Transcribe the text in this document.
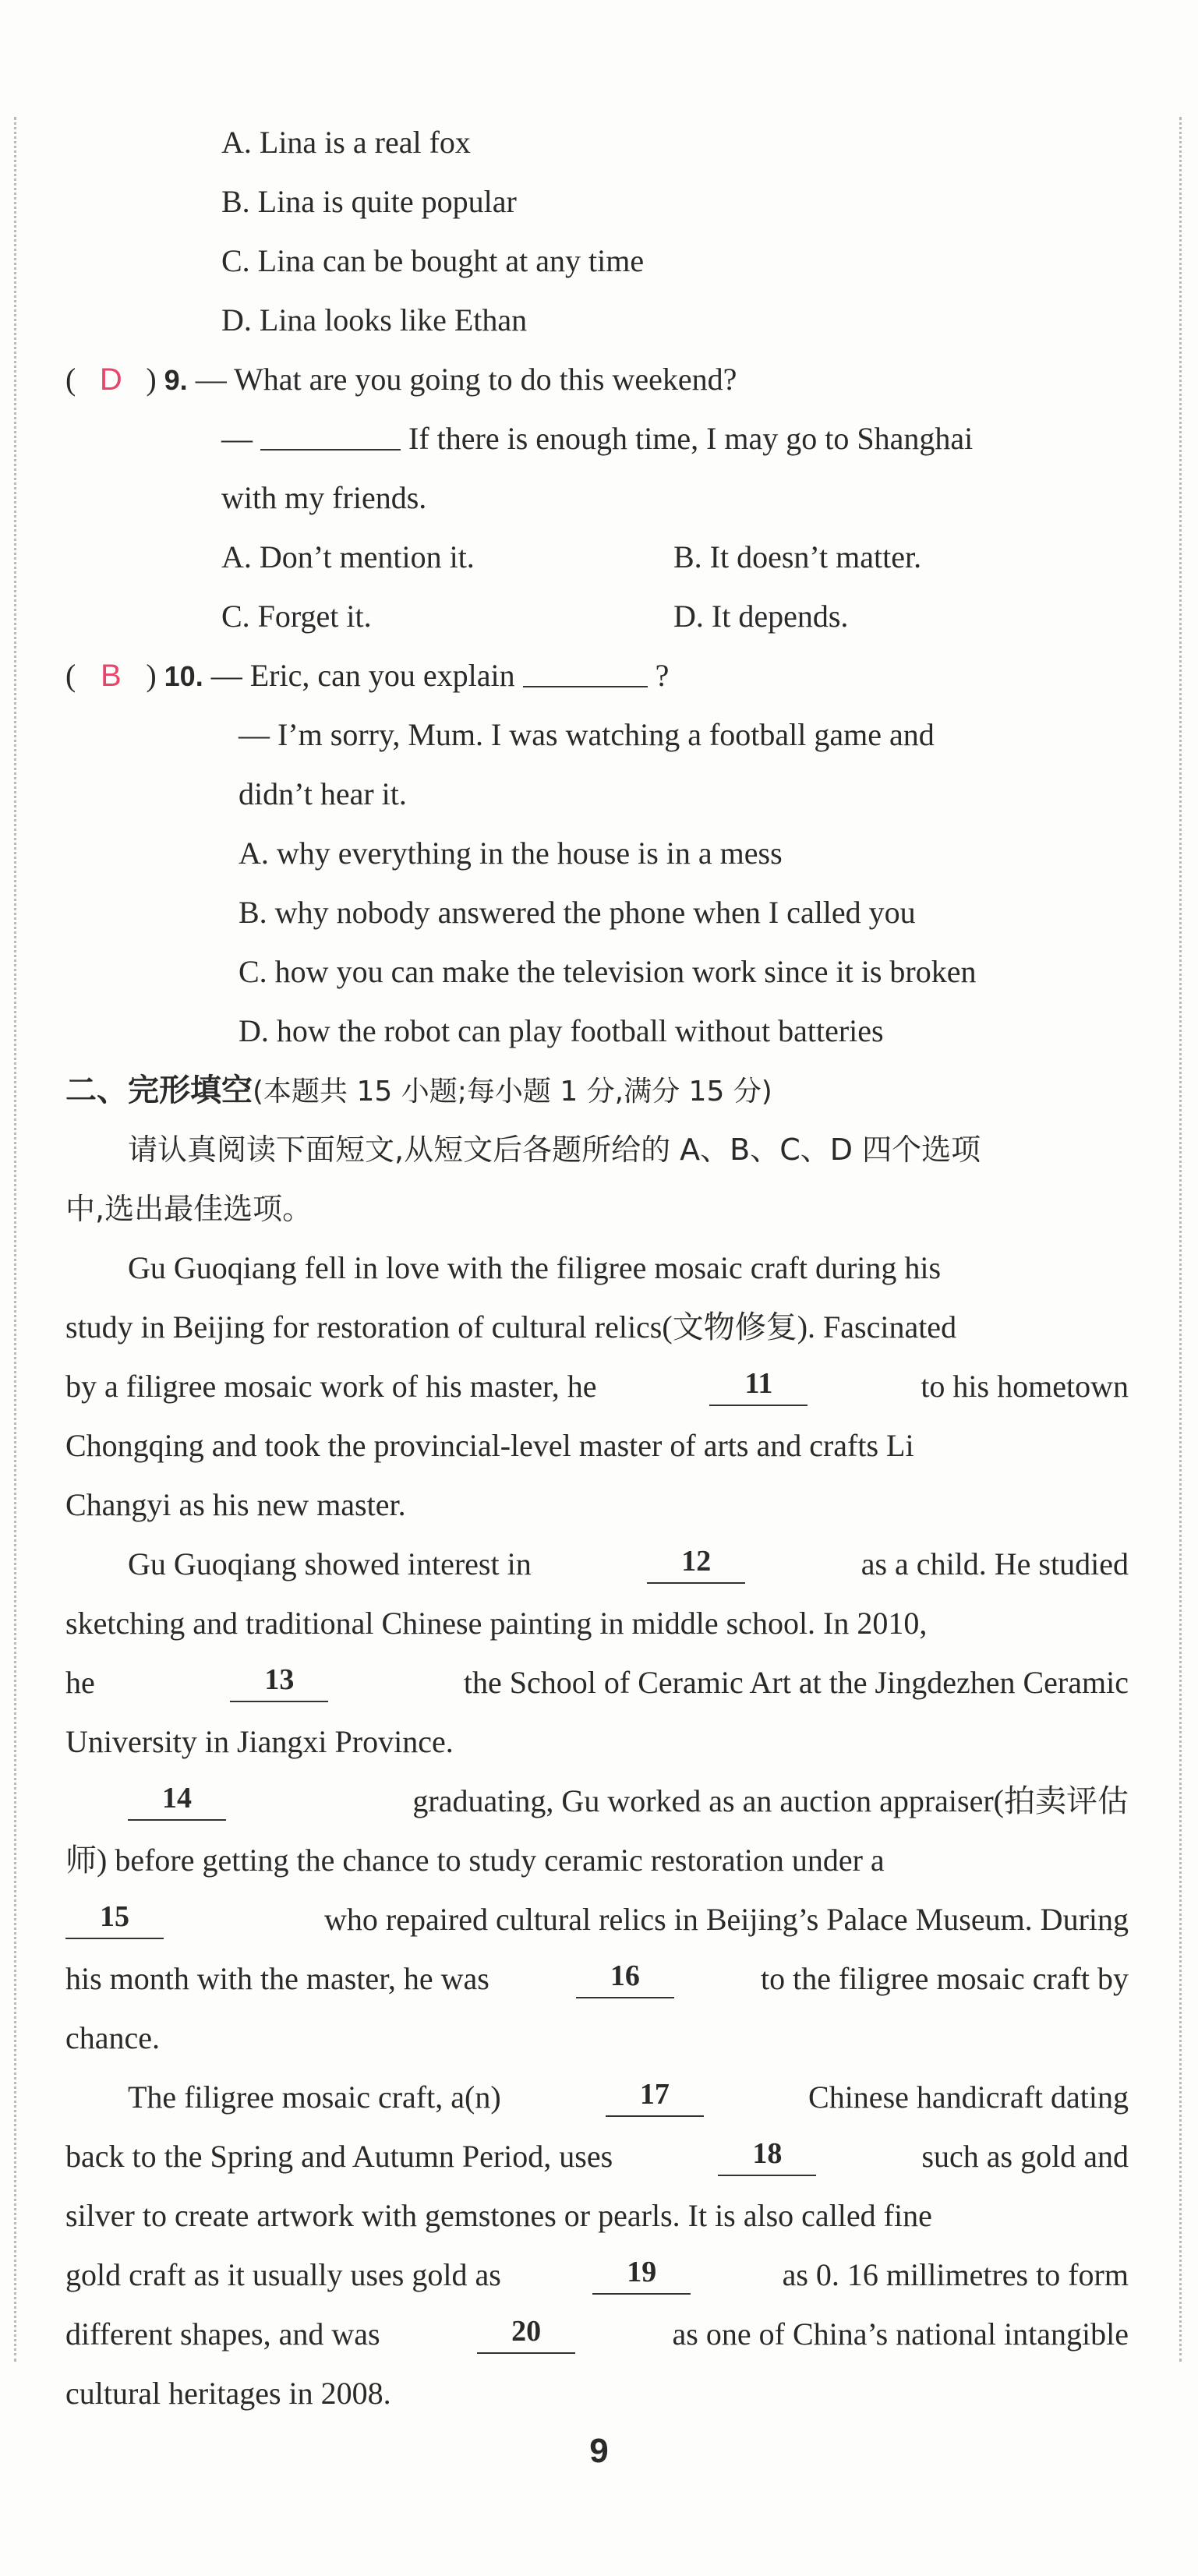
A. Lina is a real fox
B. Lina is quite popular
C. Lina can be bought at any time
D. Lina looks like Ethan
( D ) 9. — What are you going to do this weekend?
—	If there is enough time, I may go to Shanghai
with my friends.
A. Don’t mention it.	B. It doesn’t matter.
C. Forget it.	D. It depends.
( B ) 10. — Eric, can you explain	?
— I’m sorry, Mum. I was watching a football game and
didn’t hear it.
A. why everything in the house is in a mess
B. why nobody answered the phone when I called you
C. how you can make the television work since it is broken
D. how the robot can play football without batteries
二、完形填空(本题共 15 小题;每小题 1 分,满分 15 分)
请认真阅读下面短文,从短文后各题所给的 A、B、C、D 四个选项
中,选出最佳选项。
Gu Guoqiang fell in love with the filigree mosaic craft during his
study in Beijing for restoration of cultural relics(文物修复). Fascinated
by a filigree mosaic work of his master, he	11	to his hometown
Chongqing and took the provincial-level master of arts and crafts Li
Changyi as his new master.
Gu Guoqiang showed interest in	12	as a child. He studied
sketching and traditional Chinese painting in middle school. In 2010,
he	13	the School of Ceramic Art at the Jingdezhen Ceramic
University in Jiangxi Province.
14	graduating, Gu worked as an auction appraiser(拍卖评估
师) before getting the chance to study ceramic restoration under a
15	who repaired cultural relics in Beijing’s Palace Museum. During
his month with the master, he was	16	to the filigree mosaic craft by
chance.
The filigree mosaic craft, a(n)	17	Chinese handicraft dating
back to the Spring and Autumn Period, uses	18	such as gold and
silver to create artwork with gemstones or pearls. It is also called fine
gold craft as it usually uses gold as	19	as 0. 16 millimetres to form
different shapes, and was	20	as one of China’s national intangible
cultural heritages in 2008.
9
